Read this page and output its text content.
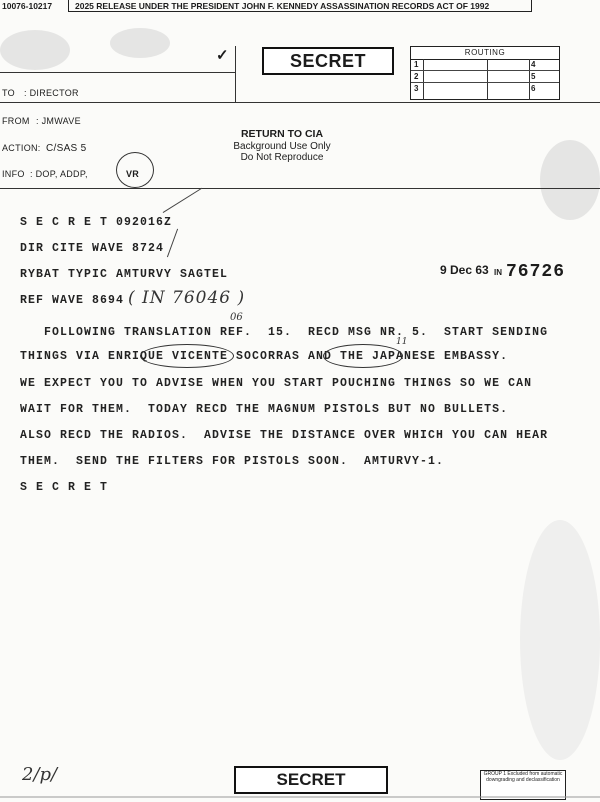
10076-10217	2025 RELEASE UNDER THE PRESIDENT JOHN F. KENNEDY ASSASSINATION RECORDS ACT OF 1992
✓	SECRET	ROUTING
1	4
2	5
3	6
TO : DIRECTOR
FROM : JMWAVE
ACTION: C/SAS 5
INFO : DOP, ADDP,	VR
RETURN TO CIA
Background Use Only
Do Not Reproduce
S E C R E T 092016Z
DIR CITE WAVE 8724
RYBAT TYPIC AMTURVY SAGTEL	9 Dec 63 IN 76726
REF WAVE 8694 ( IN 76046 )
06
11
FOLLOWING TRANSLATION REF.  15.  RECD MSG NR. 5.  START SENDING
THINGS VIA ENRIQUE VICENTE SOCORRAS AND THE JAPANESE EMBASSY.
WE EXPECT YOU TO ADVISE WHEN YOU START POUCHING THINGS SO WE CAN
WAIT FOR THEM.  TODAY RECD THE MAGNUM PISTOLS BUT NO BULLETS.
ALSO RECD THE RADIOS.  ADVISE THE DISTANCE OVER WHICH YOU CAN HEAR
THEM.  SEND THE FILTERS FOR PISTOLS SOON.  AMTURVY-1.
S E C R E T
2/p/	SECRET	GROUP 1 Excluded from automatic downgrading and declassification
